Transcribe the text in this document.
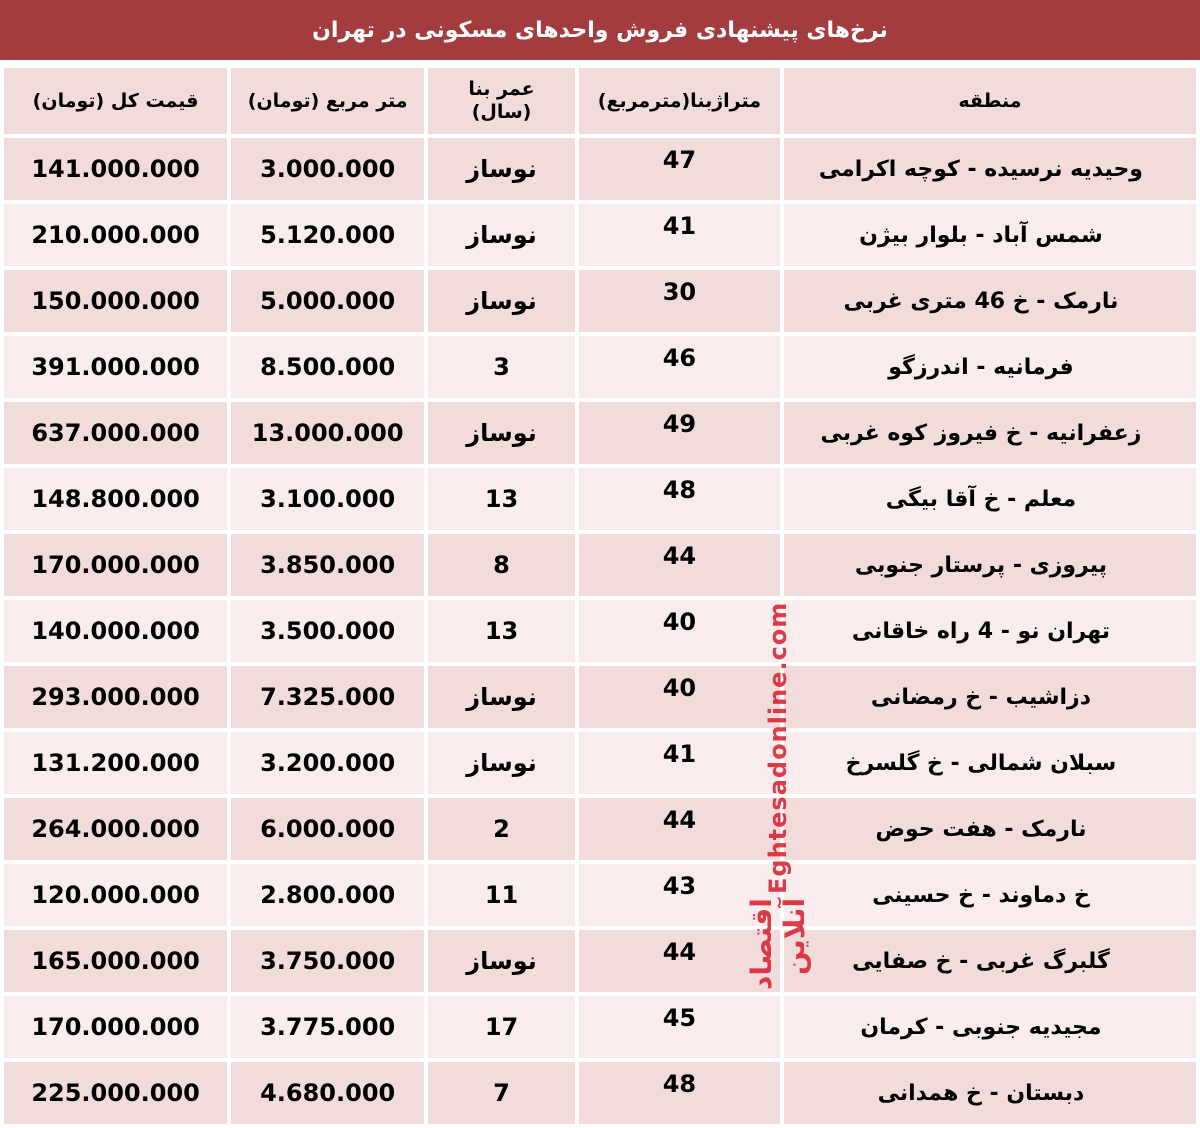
نرخ‌های پیشنهادی فروش واحدهای مسکونی در تهران
منطقه	متراژبنا(مترمربع)	عمر بنا (سال)	متر مربع (تومان)	قیمت کل (تومان)
وحیدیه نرسیده - کوچه اکرامی	47	نوساز	3.000.000	141.000.000
شمس آباد - بلوار بیژن	41	نوساز	5.120.000	210.000.000
نارمک - خ 46 متری غربی	30	نوساز	5.000.000	150.000.000
فرمانیه - اندرزگو	46	3	8.500.000	391.000.000
زعفرانیه - خ فیروز کوه غربی	49	نوساز	13.000.000	637.000.000
معلم - خ آقا بیگی	48	13	3.100.000	148.800.000
پیروزی - پرستار جنوبی	44	8	3.850.000	170.000.000
تهران نو - 4 راه خاقانی	40	13	3.500.000	140.000.000
دزاشیب - خ رمضانی	40	نوساز	7.325.000	293.000.000
سبلان شمالی - خ گلسرخ	41	نوساز	3.200.000	131.200.000
نارمک - هفت حوض	44	2	6.000.000	264.000.000
خ دماوند - خ حسینی	43	11	2.800.000	120.000.000
گلبرگ غربی - خ صفایی	44	نوساز	3.750.000	165.000.000
مجیدیه جنوبی - کرمان	45	17	3.775.000	170.000.000
دبستان - خ همدانی	48	7	4.680.000	225.000.000
اقتصاد آنلاین
Eghtesadonline.com
